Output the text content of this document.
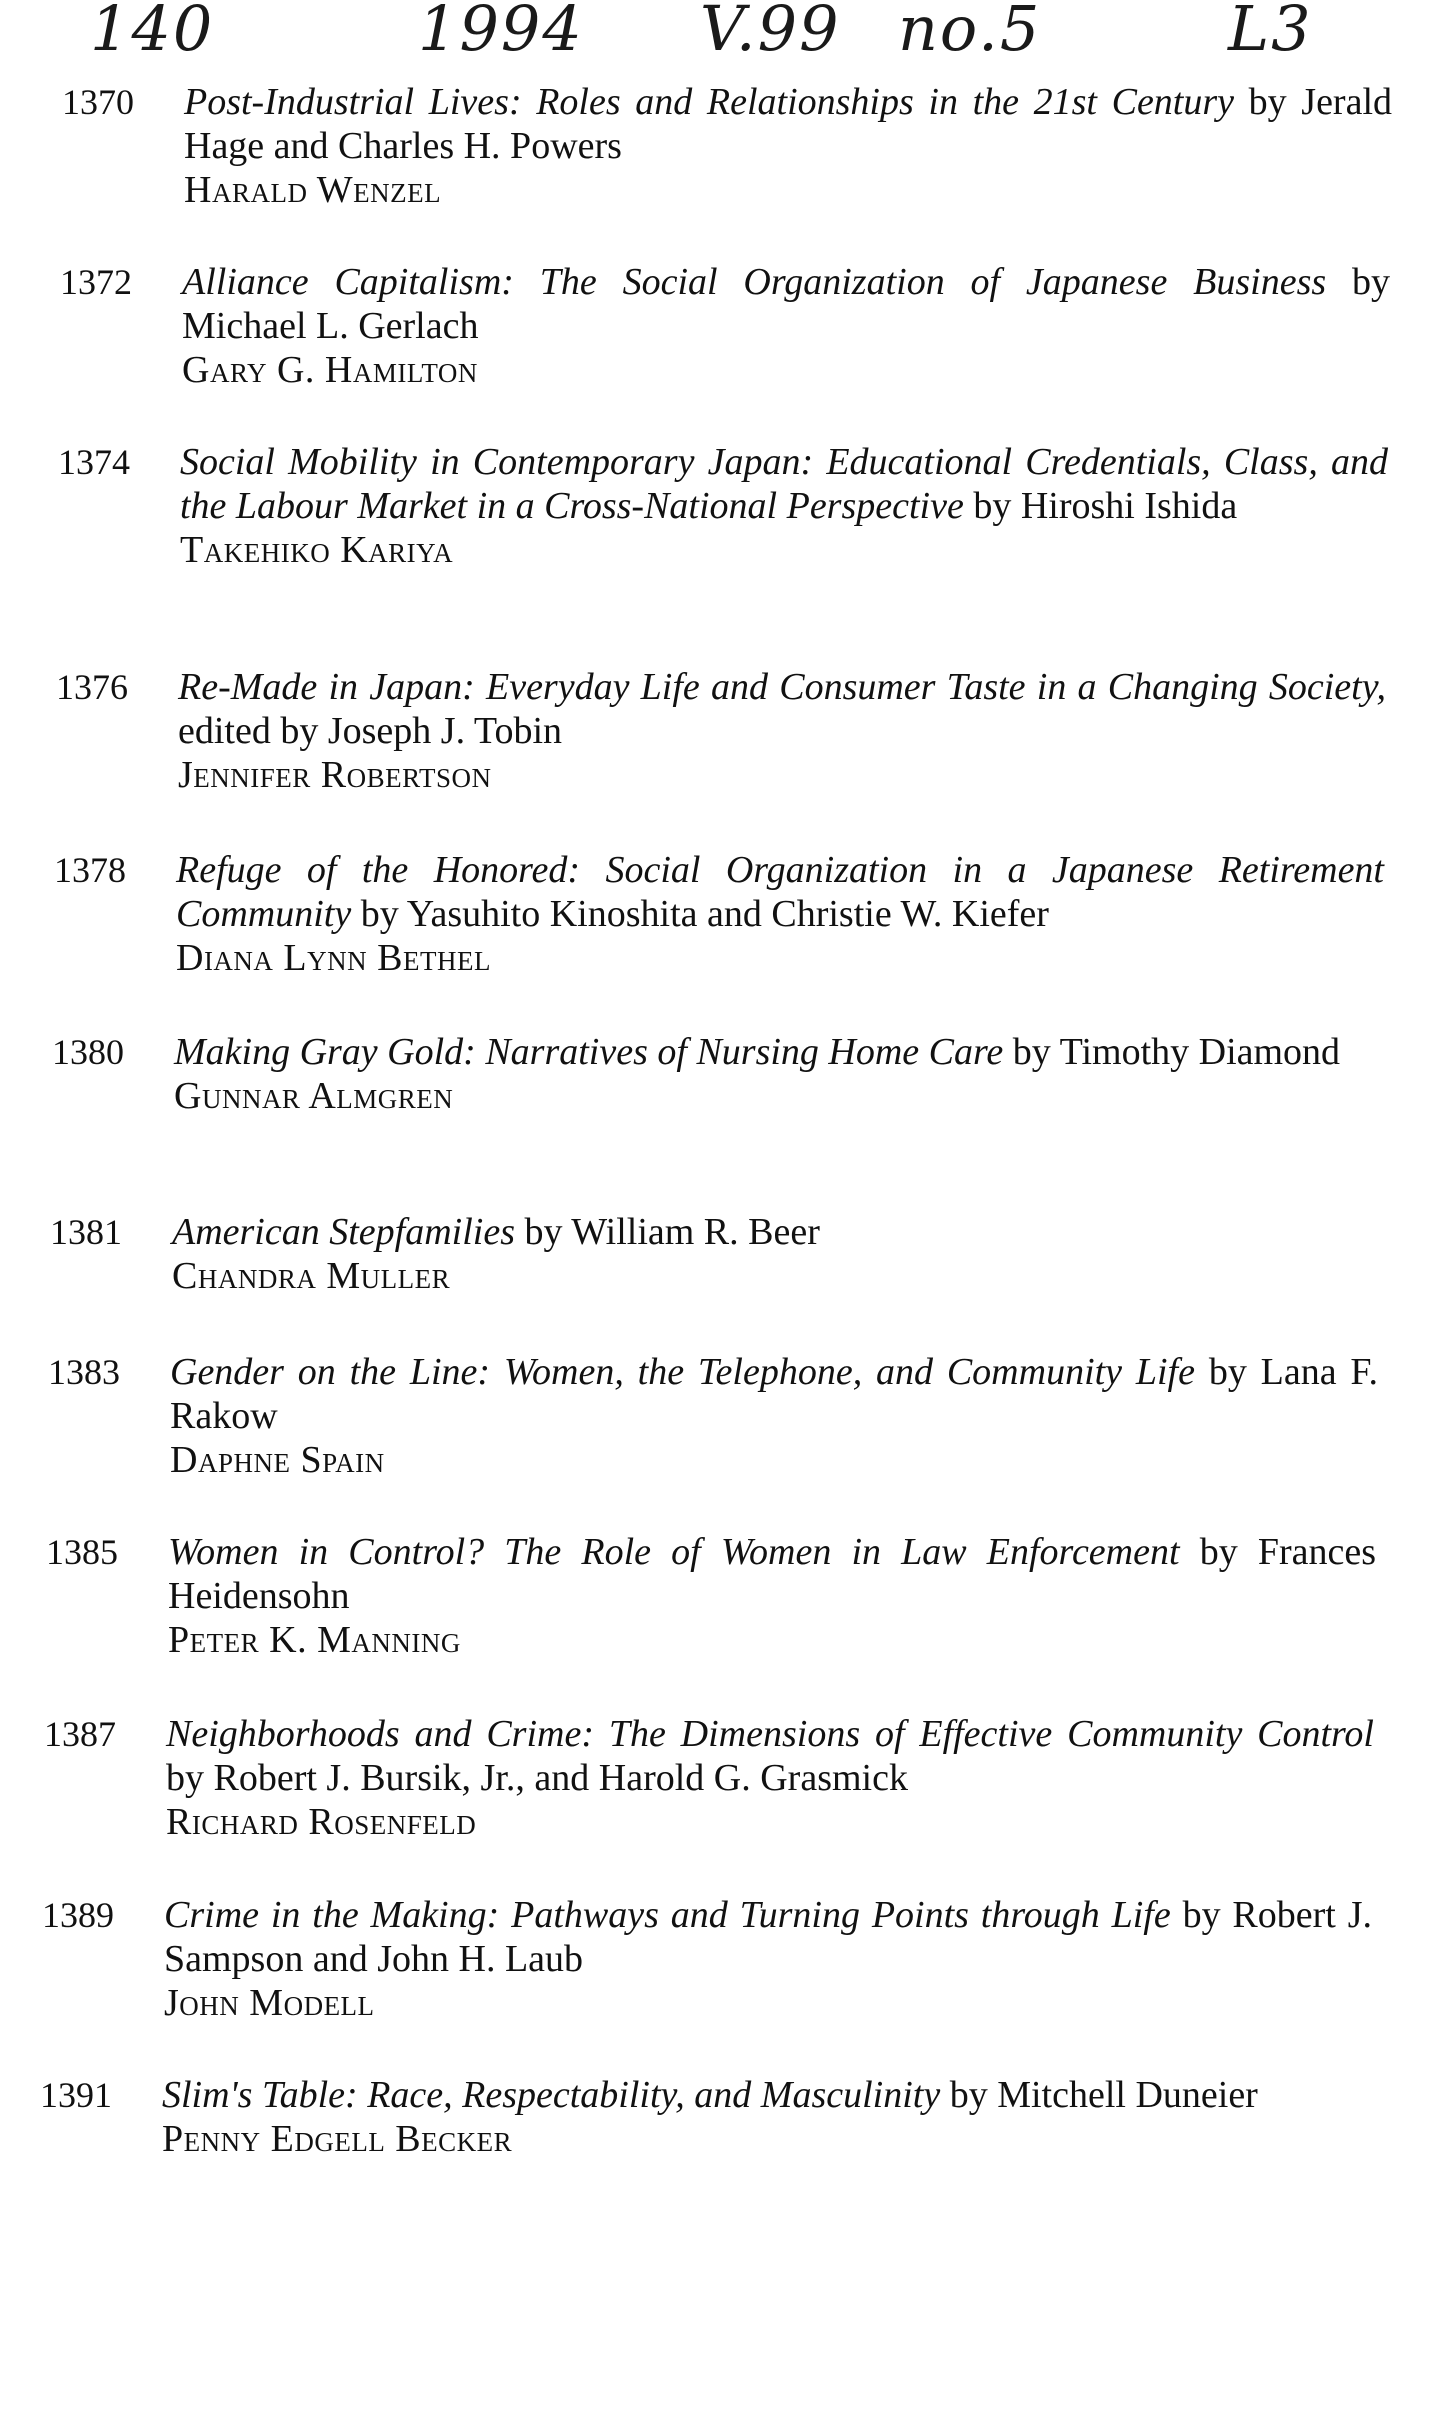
140	1994 V.99 no.5	L3
1370 Post-Industrial Lives: Roles and Relationships in the 21st Century by Jerald Hage and Charles H. Powers
Harald Wenzel
1372 Alliance Capitalism: The Social Organization of Japanese Business by Michael L. Gerlach
Gary G. Hamilton
1374 Social Mobility in Contemporary Japan: Educational Credentials, Class, and the Labour Market in a Cross-National Perspective by Hiroshi Ishida
Takehiko Kariya
1376 Re-Made in Japan: Everyday Life and Consumer Taste in a Changing Society, edited by Joseph J. Tobin
Jennifer Robertson
1378 Refuge of the Honored: Social Organization in a Japanese Retirement Community by Yasuhito Kinoshita and Christie W. Kiefer
Diana Lynn Bethel
1380 Making Gray Gold: Narratives of Nursing Home Care by Timothy Diamond
Gunnar Almgren
1381 American Stepfamilies by William R. Beer
Chandra Muller
1383 Gender on the Line: Women, the Telephone, and Community Life by Lana F. Rakow
Daphne Spain
1385 Women in Control? The Role of Women in Law Enforcement by Frances Heidensohn
Peter K. Manning
1387 Neighborhoods and Crime: The Dimensions of Effective Community Control by Robert J. Bursik, Jr., and Harold G. Grasmick
Richard Rosenfeld
1389 Crime in the Making: Pathways and Turning Points through Life by Robert J. Sampson and John H. Laub
John Modell
1391 Slim's Table: Race, Respectability, and Masculinity by Mitchell Duneier
Penny Edgell Becker
